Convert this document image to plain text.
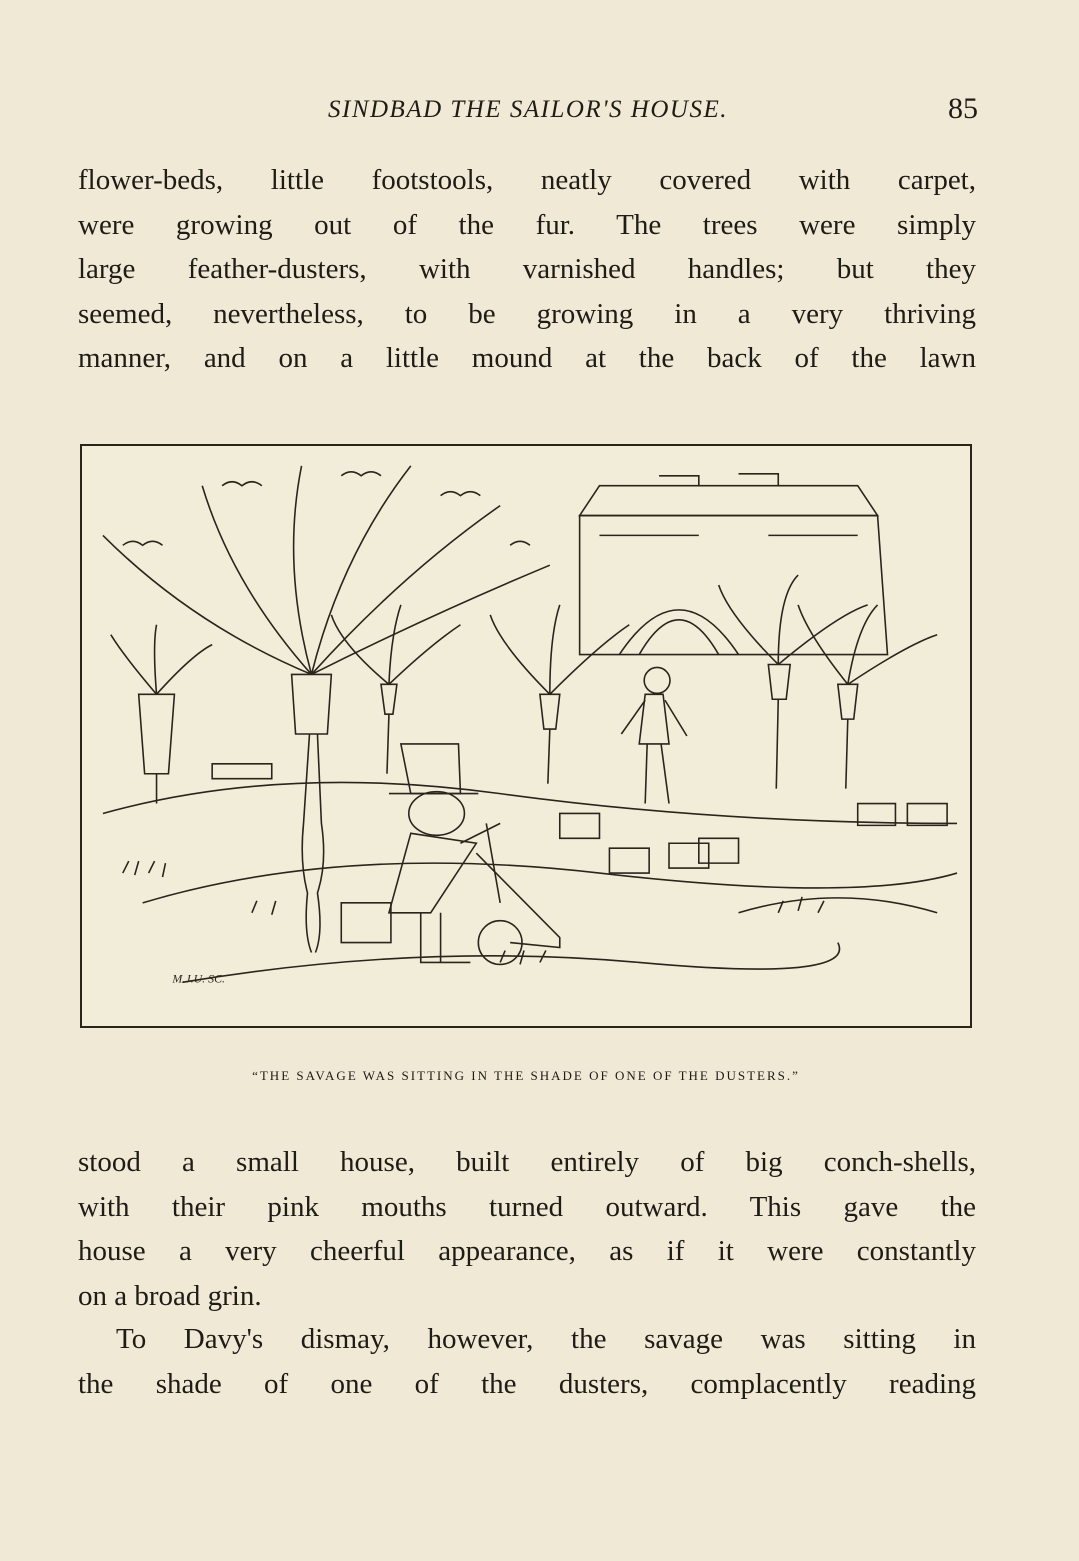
SINDBAD THE SAILOR'S HOUSE.	85
flower-beds, little footstools, neatly covered with carpet,
were growing out of the fur. The trees were simply
large feather-dusters, with varnished handles; but they
seemed, nevertheless, to be growing in a very thriving
manner, and on a little mound at the back of the lawn
M.J.U. SC.
“THE SAVAGE WAS SITTING IN THE SHADE OF ONE OF THE DUSTERS.”
stood a small house, built entirely of big conch-shells,
with their pink mouths turned outward. This gave the
house a very cheerful appearance, as if it were constantly
on a broad grin.
To Davy's dismay, however, the savage was sitting in
the shade of one of the dusters, complacently reading
